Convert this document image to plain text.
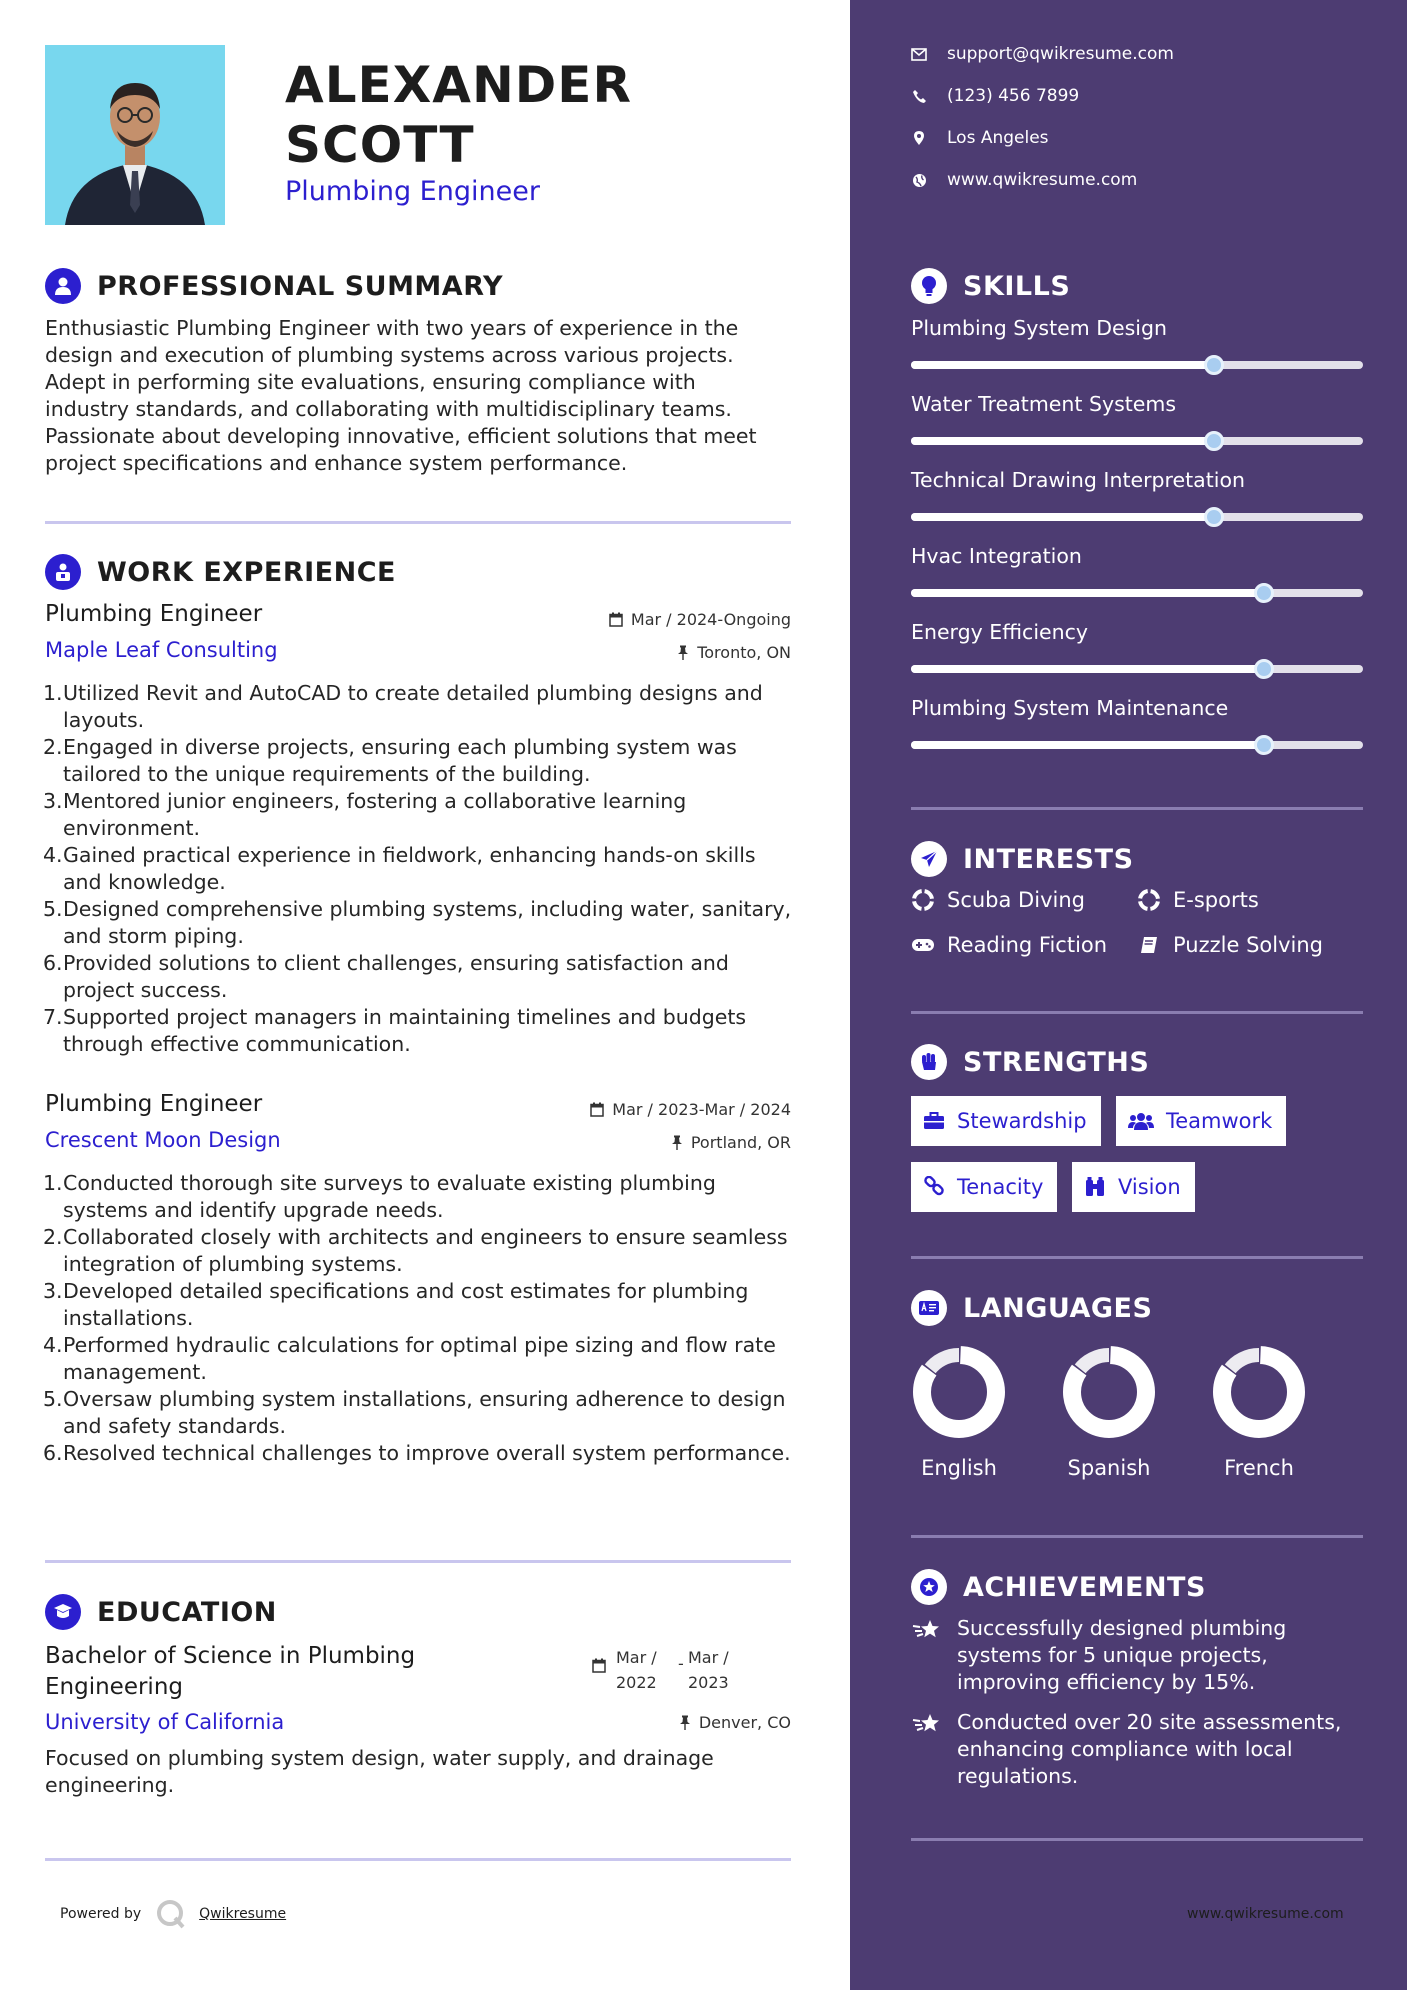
ALEXANDER
SCOTT
Plumbing Engineer
PROFESSIONAL SUMMARY
Enthusiastic Plumbing Engineer with two years of experience in the design and execution of plumbing systems across various projects. Adept in performing site evaluations, ensuring compliance with industry standards, and collaborating with multidisciplinary teams. Passionate about developing innovative, efficient solutions that meet project specifications and enhance system performance.
WORK EXPERIENCE
Plumbing Engineer	Mar / 2024-Ongoing
Maple Leaf Consulting	Toronto, ON
1. Utilized Revit and AutoCAD to create detailed plumbing designs and layouts.
2. Engaged in diverse projects, ensuring each plumbing system was tailored to the unique requirements of the building.
3. Mentored junior engineers, fostering a collaborative learning environment.
4. Gained practical experience in fieldwork, enhancing hands-on skills and knowledge.
5. Designed comprehensive plumbing systems, including water, sanitary, and storm piping.
6. Provided solutions to client challenges, ensuring satisfaction and project success.
7. Supported project managers in maintaining timelines and budgets through effective communication.
Plumbing Engineer	Mar / 2023-Mar / 2024
Crescent Moon Design	Portland, OR
1. Conducted thorough site surveys to evaluate existing plumbing systems and identify upgrade needs.
2. Collaborated closely with architects and engineers to ensure seamless integration of plumbing systems.
3. Developed detailed specifications and cost estimates for plumbing installations.
4. Performed hydraulic calculations for optimal pipe sizing and flow rate management.
5. Oversaw plumbing system installations, ensuring adherence to design and safety standards.
6. Resolved technical challenges to improve overall system performance.
EDUCATION
Bachelor of Science in Plumbing
Engineering
Mar /
2022
- Mar /
2023
University of California	Denver, CO
Focused on plumbing system design, water supply, and drainage engineering.
Powered by	Qwikresume
support@qwikresume.com
(123) 456 7899
Los Angeles
www.qwikresume.com
SKILLS
Plumbing System Design
Water Treatment Systems
Technical Drawing Interpretation
Hvac Integration
Energy Efficiency
Plumbing System Maintenance
INTERESTS
Scuba Diving	E-sports
Reading Fiction	Puzzle Solving
STRENGTHS
Stewardship	Teamwork
Tenacity	Vision
LANGUAGES
English	Spanish	French
ACHIEVEMENTS
Successfully designed plumbing systems for 5 unique projects, improving efficiency by 15%.
Conducted over 20 site assessments, enhancing compliance with local regulations.
www.qwikresume.com
